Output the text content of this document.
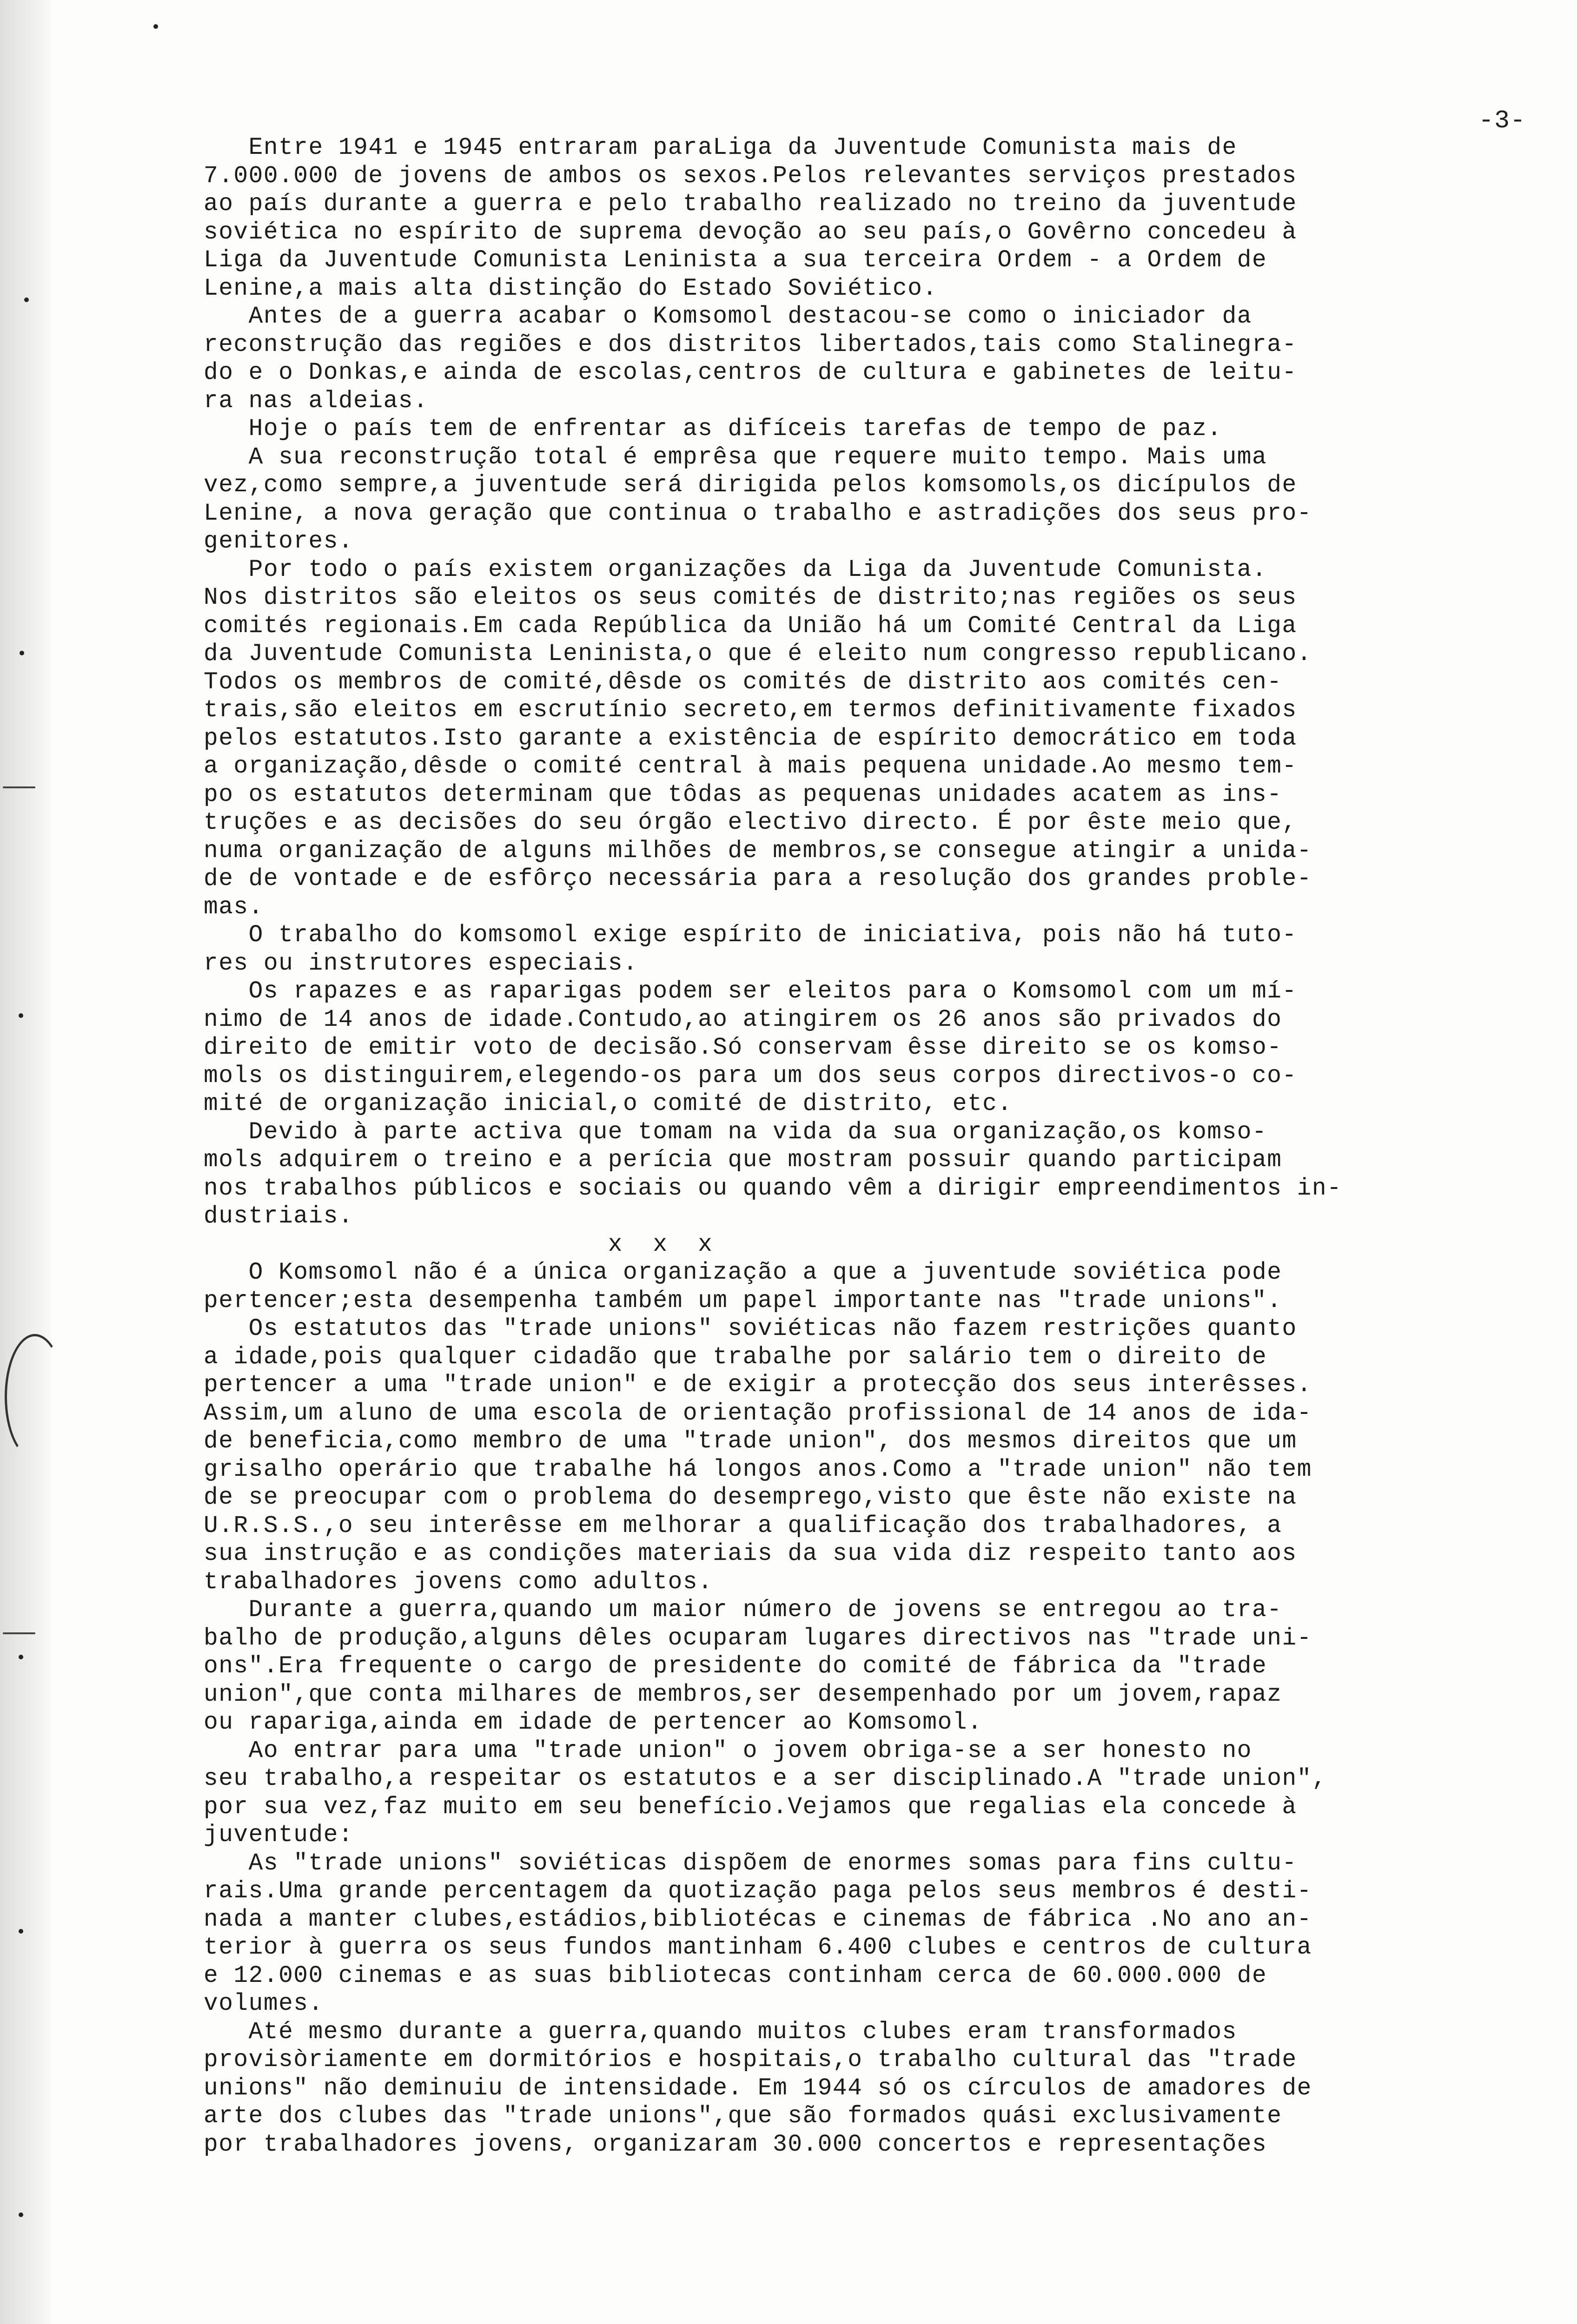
-3-
Entre 1941 e 1945 entraram paraLiga da Juventude Comunista mais de
7.000.000 de jovens de ambos os sexos.Pelos relevantes serviços prestados
ao país durante a guerra e pelo trabalho realizado no treino da juventude
soviética no espírito de suprema devoção ao seu país,o Govêrno concedeu à
Liga da Juventude Comunista Leninista a sua terceira Ordem - a Ordem de
Lenine,a mais alta distinção do Estado Soviético.
Antes de a guerra acabar o Komsomol destacou-se como o iniciador da
reconstrução das regiões e dos distritos libertados,tais como Stalinegra-
do e o Donkas,e ainda de escolas,centros de cultura e gabinetes de leitu-
ra nas aldeias.
Hoje o país tem de enfrentar as difíceis tarefas de tempo de paz.
A sua reconstrução total é emprêsa que requere muito tempo. Mais uma
vez,como sempre,a juventude será dirigida pelos komsomols,os dicípulos de
Lenine, a nova geração que continua o trabalho e astradições dos seus pro-
genitores.
Por todo o país existem organizações da Liga da Juventude Comunista.
Nos distritos são eleitos os seus comités de distrito;nas regiões os seus
comités regionais.Em cada República da União há um Comité Central da Liga
da Juventude Comunista Leninista,o que é eleito num congresso republicano.
Todos os membros de comité,dêsde os comités de distrito aos comités cen-
trais,são eleitos em escrutínio secreto,em termos definitivamente fixados
pelos estatutos.Isto garante a existência de espírito democrático em toda
a organização,dêsde o comité central à mais pequena unidade.Ao mesmo tem-
po os estatutos determinam que tôdas as pequenas unidades acatem as ins-
truções e as decisões do seu órgão electivo directo. É por êste meio que,
numa organização de alguns milhões de membros,se consegue atingir a unida-
de de vontade e de esfôrço necessária para a resolução dos grandes proble-
mas.
O trabalho do komsomol exige espírito de iniciativa, pois não há tuto-
res ou instrutores especiais.
Os rapazes e as raparigas podem ser eleitos para o Komsomol com um mí-
nimo de 14 anos de idade.Contudo,ao atingirem os 26 anos são privados do
direito de emitir voto de decisão.Só conservam êsse direito se os komso-
mols os distinguirem,elegendo-os para um dos seus corpos directivos-o co-
mité de organização inicial,o comité de distrito, etc.
Devido à parte activa que tomam na vida da sua organização,os komso-
mols adquirem o treino e a perícia que mostram possuir quando participam
nos trabalhos públicos e sociais ou quando vêm a dirigir empreendimentos in-
dustriais.
x  x  x
O Komsomol não é a única organização a que a juventude soviética pode
pertencer;esta desempenha também um papel importante nas "trade unions".
Os estatutos das "trade unions" soviéticas não fazem restrições quanto
a idade,pois qualquer cidadão que trabalhe por salário tem o direito de
pertencer a uma "trade union" e de exigir a protecção dos seus interêsses.
Assim,um aluno de uma escola de orientação profissional de 14 anos de ida-
de beneficia,como membro de uma "trade union", dos mesmos direitos que um
grisalho operário que trabalhe há longos anos.Como a "trade union" não tem
de se preocupar com o problema do desemprego,visto que êste não existe na
U.R.S.S.,o seu interêsse em melhorar a qualificação dos trabalhadores, a
sua instrução e as condições materiais da sua vida diz respeito tanto aos
trabalhadores jovens como adultos.
Durante a guerra,quando um maior número de jovens se entregou ao tra-
balho de produção,alguns dêles ocuparam lugares directivos nas "trade uni-
ons".Era frequente o cargo de presidente do comité de fábrica da "trade
union",que conta milhares de membros,ser desempenhado por um jovem,rapaz
ou rapariga,ainda em idade de pertencer ao Komsomol.
Ao entrar para uma "trade union" o jovem obriga-se a ser honesto no
seu trabalho,a respeitar os estatutos e a ser disciplinado.A "trade union",
por sua vez,faz muito em seu benefício.Vejamos que regalias ela concede à
juventude:
As "trade unions" soviéticas dispõem de enormes somas para fins cultu-
rais.Uma grande percentagem da quotização paga pelos seus membros é desti-
nada a manter clubes,estádios,bibliotécas e cinemas de fábrica .No ano an-
terior à guerra os seus fundos mantinham 6.400 clubes e centros de cultura
e 12.000 cinemas e as suas bibliotecas continham cerca de 60.000.000 de
volumes.
Até mesmo durante a guerra,quando muitos clubes eram transformados
provisòriamente em dormitórios e hospitais,o trabalho cultural das "trade
unions" não deminuiu de intensidade. Em 1944 só os círculos de amadores de
arte dos clubes das "trade unions",que são formados quási exclusivamente
por trabalhadores jovens, organizaram 30.000 concertos e representações
